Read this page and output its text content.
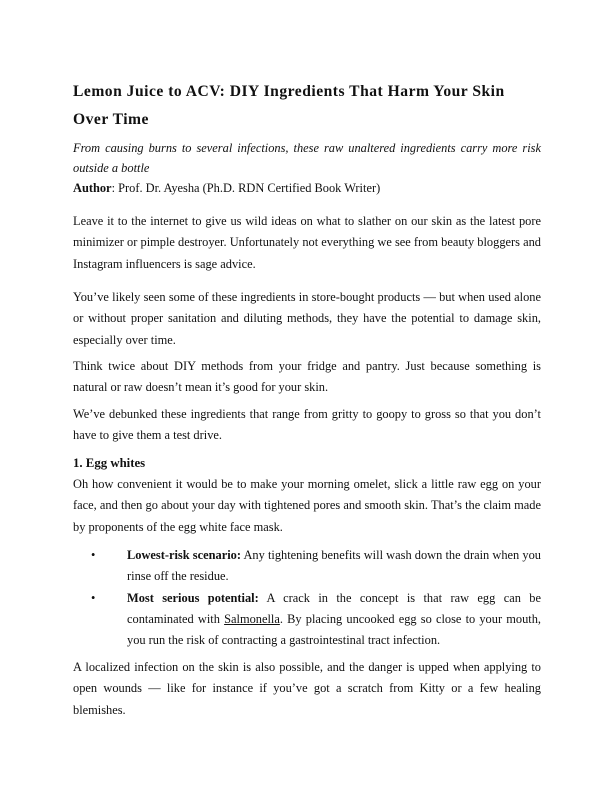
Lemon Juice to ACV: DIY Ingredients That Harm Your Skin Over Time
From causing burns to several infections, these raw unaltered ingredients carry more risk outside a bottle
Author: Prof. Dr. Ayesha (Ph.D. RDN Certified Book Writer)
Leave it to the internet to give us wild ideas on what to slather on our skin as the latest pore minimizer or pimple destroyer. Unfortunately not everything we see from beauty bloggers and Instagram influencers is sage advice.
You’ve likely seen some of these ingredients in store-bought products — but when used alone or without proper sanitation and diluting methods, they have the potential to damage skin, especially over time.
Think twice about DIY methods from your fridge and pantry. Just because something is natural or raw doesn’t mean it’s good for your skin.
We’ve debunked these ingredients that range from gritty to goopy to gross so that you don’t have to give them a test drive.
1. Egg whites
Oh how convenient it would be to make your morning omelet, slick a little raw egg on your face, and then go about your day with tightened pores and smooth skin. That’s the claim made by proponents of the egg white face mask.
• Lowest-risk scenario: Any tightening benefits will wash down the drain when you rinse off the residue.
• Most serious potential: A crack in the concept is that raw egg can be contaminated with Salmonella. By placing uncooked egg so close to your mouth, you run the risk of contracting a gastrointestinal tract infection.
A localized infection on the skin is also possible, and the danger is upped when applying to open wounds — like for instance if you’ve got a scratch from Kitty or a few healing blemishes.
